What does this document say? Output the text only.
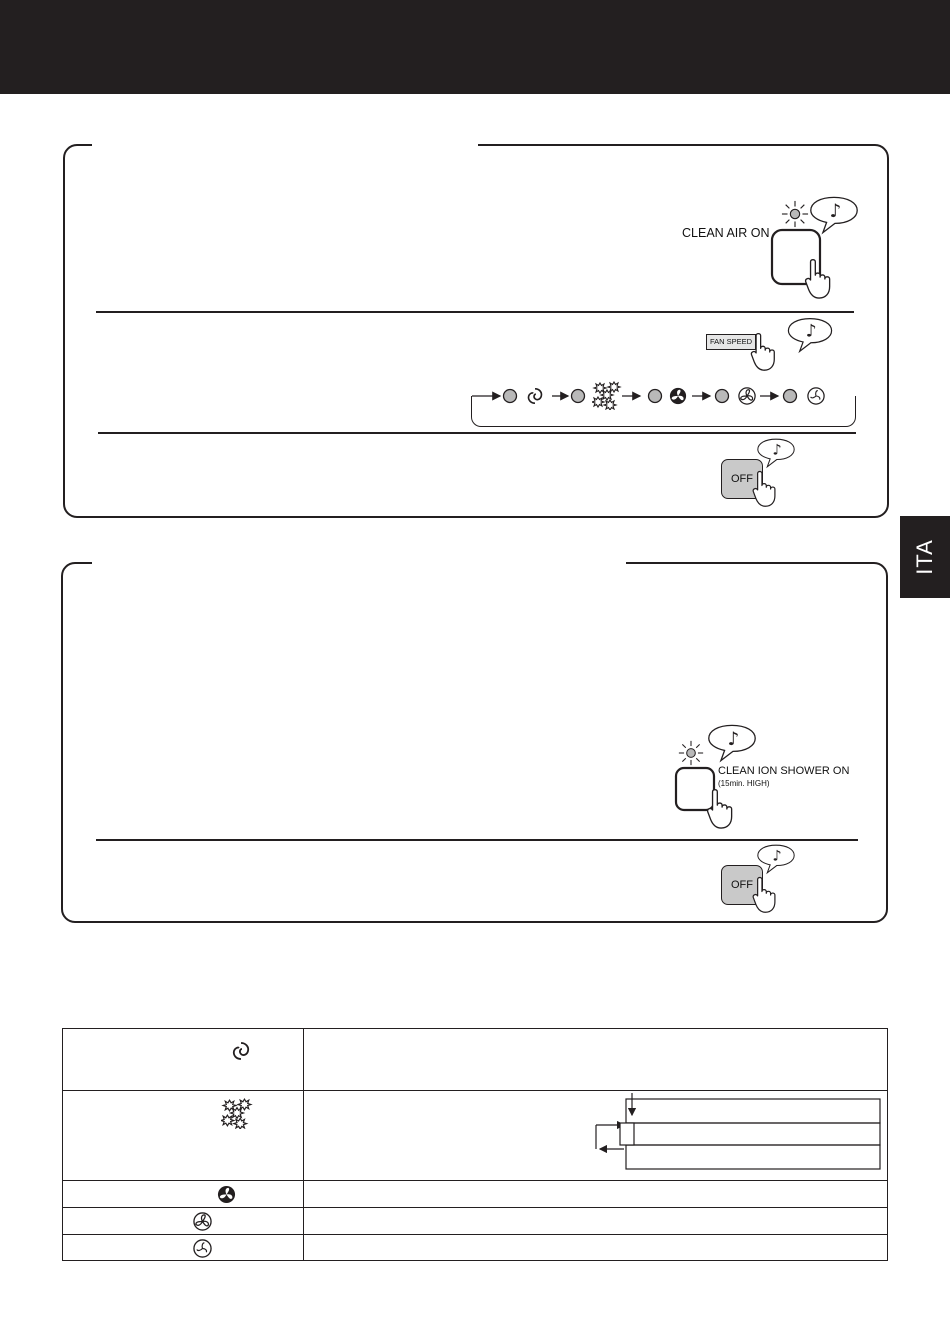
ITA
CLEAN AIR ON
FAN SPEED
OFF
CLEAN ION SHOWER ON
(15min. HIGH)
OFF
